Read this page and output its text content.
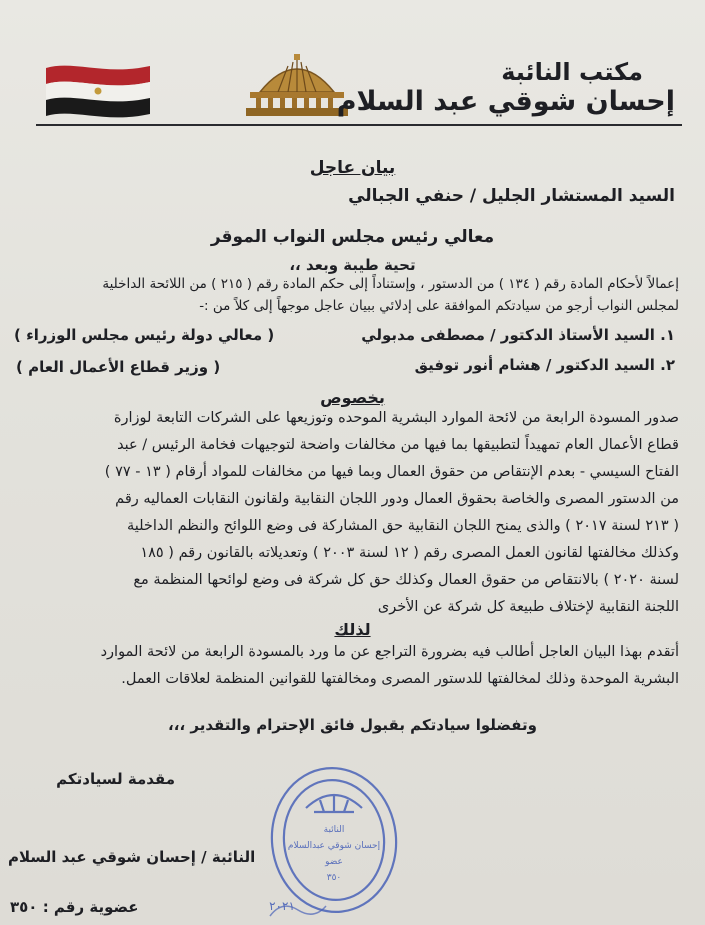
مكتب النائبة
إحسان شوقي عبد السلام
بيان عاجل
السيد المستشار الجليل / حنفي الجبالي
معالي رئيس مجلس النواب الموقر
تحية طيبة وبعد ،،
إعمالاً لأحكام المادة رقم ( ١٣٤ ) من الدستور ، وإستناداً إلى حكم المادة رقم ( ٢١٥ ) من اللائحة الداخلية
لمجلس النواب أرجو من سيادتكم الموافقة على إدلائي ببيان عاجل موجهاً إلى كلاً من :-
١. السيد الأستاذ الدكتور / مصطفى مدبولي
( معالي دولة رئيس مجلس الوزراء )
٢. السيد الدكتور / هشام أنور توفيق
( وزير قطاع الأعمال العام )
بخصوص
صدور المسودة الرابعة من لائحة الموارد البشرية الموحده وتوزيعها على الشركات التابعة لوزارة
قطاع الأعمال العام تمهيداً لتطبيقها بما فيها من مخالفات واضحة لتوجيهات فخامة الرئيس / عبد
الفتاح السيسي - بعدم الإنتقاص من حقوق العمال وبما فيها من مخالفات للمواد أرقام ( ١٣ - ٧٧ )
من الدستور المصرى والخاصة بحقوق العمال ودور اللجان النقابية ولقانون النقابات العماليه رقم
( ٢١٣ لسنة ٢٠١٧ ) والذى يمنح اللجان النقابية حق المشاركة فى وضع اللوائح والنظم الداخلية
وكذلك مخالفتها لقانون العمل المصرى رقم ( ١٢ لسنة ٢٠٠٣ ) وتعديلاته بالقانون رقم ( ١٨٥
لسنة ٢٠٢٠ ) بالانتقاص من حقوق العمال وكذلك حق كل شركة فى وضع لوائحها المنظمة مع
اللجنة النقابية لإختلاف طبيعة كل شركة عن الأخرى
لذلك
أتقدم بهذا البيان العاجل أطالب فيه بضرورة التراجع عن ما ورد بالمسودة الرابعة من لائحة الموارد
البشرية الموحدة وذلك لمخالفتها للدستور المصرى ومخالفتها للقوانين المنظمة لعلاقات العمل.
وتفضلوا سيادتكم بقبول فائق الإحترام والتقدير ،،،
مقدمة لسيادتكم
النائبة / إحسان شوقي عبد السلام
عضوية رقم : ٣٥٠
النائبة
إحسان شوقي عبدالسلام
عضو
٣٥٠
٢٠٢١
